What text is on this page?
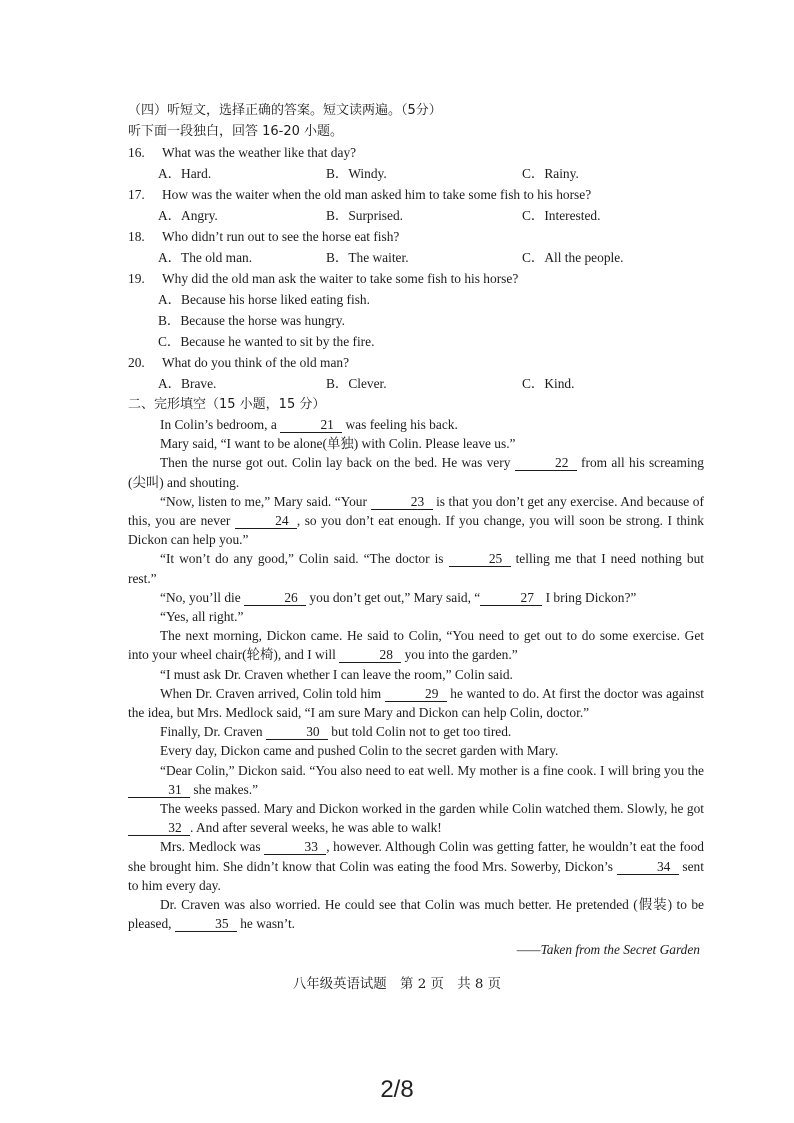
（四）听短文，选择正确的答案。短文读两遍。（5分）
听下面一段独白，回答 16-20 小题。
16. What was the weather like that day?
A．Hard.	B．Windy.	C．Rainy.
17. How was the waiter when the old man asked him to take some fish to his horse?
A．Angry.	B．Surprised.	C．Interested.
18. Who didn’t run out to see the horse eat fish?
A．The old man.	B．The waiter.	C．All the people.
19. Why did the old man ask the waiter to take some fish to his horse?
A．Because his horse liked eating fish.
B．Because the horse was hungry.
C．Because he wanted to sit by the fire.
20. What do you think of the old man?
A．Brave.	B．Clever.	C．Kind.
二、完形填空（15 小题，15 分）

In Colin’s bedroom, a	21 was feeling his back.

Mary said, “I want to be alone(单独) with Colin. Please leave us.”

Then the nurse got out. Colin lay back on the bed. He was very	22 from all his screaming (尖叫) and shouting.

“Now, listen to me,” Mary said. “Your	23 is that you don’t get any exercise. And because of this, you are never	24 , so you don’t eat enough. If you change, you will soon be strong. I think Dickon can help you.”

“It won’t do any good,” Colin said. “The doctor is	25 telling me that I need nothing but rest.”

“No, you’ll die	26 you don’t get out,” Mary said, “	27 I bring Dickon?”

“Yes, all right.”

The next morning, Dickon came. He said to Colin, “You need to get out to do some exercise. Get into your wheel chair(轮椅), and I will	28 you into the garden.”

“I must ask Dr. Craven whether I can leave the room,” Colin said.

When Dr. Craven arrived, Colin told him	29 he wanted to do. At first the doctor was against the idea, but Mrs. Medlock said, “I am sure Mary and Dickon can help Colin, doctor.”

Finally, Dr. Craven	30 but told Colin not to get too tired.

Every day, Dickon came and pushed Colin to the secret garden with Mary.

“Dear Colin,” Dickon said. “You also need to eat well. My mother is a fine cook. I will bring you the 31 she makes.”

The weeks passed. Mary and Dickon worked in the garden while Colin watched them. Slowly, he got 32 . And after several weeks, he was able to walk!

Mrs. Medlock was	33 , however. Although Colin was getting fatter, he wouldn’t eat the food she brought him. She didn’t know that Colin was eating the food Mrs. Sowerby, Dickon’s	34 sent to him every day.

Dr. Craven was also worried. He could see that Colin was much better. He pretended (假装) to be pleased,	35 he wasn’t.

——Taken from the Secret Garden
八年级英语试题　第 2 页　共 8 页
2/8
